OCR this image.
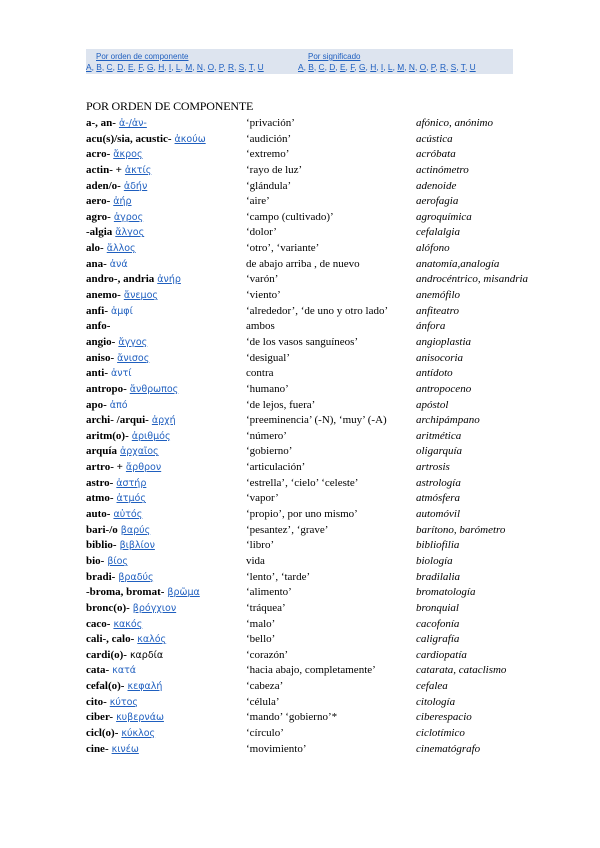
Por orden de componente
A, B, C, D, E, F, G, H, I, L, M, N, O, P, R, S, T, U
Por significado
A, B, C, D, E, F, G, H, I, L, M, N, O, P, R, S, T, U
POR ORDEN DE COMPONENTE
a-, an- ἀ-/ἀν-	‘privación’	afónico, anónimo
acu(s)/sia, acustic- ἀκούω	‘audición’	acústica
acro- ἄκρος	‘extremo’	acróbata
actin- + ἀκτίς	‘rayo de luz’	actinómetro
aden/o- ἀδήν	‘glándula’	adenoide
aero- ἀήρ	‘aire’	aerofagia
agro- ἀγρος	‘campo (cultivado)’	agroquímica
-algia ἄλγος	‘dolor’	cefalalgia
alo- ἄλλος	‘otro’, ‘variante’	alófono
ana- ἀνά	de abajo arriba , de nuevo	anatomía,analogía
andro-, andria ἀνήρ	‘varón’	androcéntrico, misandria
anemo- ἄνεμος	‘viento’	anemófilo
anfi- ἀμφί	‘alrededor’, ‘de uno y otro lado’	anfiteatro
anfo-	ambos	ánfora
angio- ἄγγος	‘de los vasos sanguíneos’	angioplastia
aniso- ἄνισος	‘desigual’	anisocoria
anti- ἀντί	contra	antídoto
antropo- ἄνθρωπος	‘humano’	antropoceno
apo- ἀπό	‘de lejos, fuera’	apóstol
archi- /arqui- ἀρχή	‘preeminencia’ (-N), ‘muy’ (-A)	archipámpano
aritm(o)- ἀριθμός	‘número’	aritmética
arquía ἀρχαῖος	‘gobierno’	oligarquía
artro- + ἄρθρον	‘articulación’	artrosis
astro- ἀστήρ	‘estrella’, ‘cielo’ ‘celeste’	astrología
atmo- ἀτμός	‘vapor’	atmósfera
auto- αὐτός	‘propio’, por uno mismo’	automóvil
bari-/o βαρύς	‘pesantez’, ‘grave’	barítono, barómetro
biblio- βιβλίον	‘libro’	bibliofilia
bio- βίος	vida	biología
bradi- βραδύς	‘lento’, ‘tarde’	bradilalia
-broma, bromat- βρῶμα	‘alimento’	bromatología
bronc(o)- βρόγχιον	‘tráquea’	bronquial
caco- κακός	‘malo’	cacofonía
cali-, calo- καλός	‘bello’	caligrafía
cardi(o)- καρδία	‘corazón’	cardiopatía
cata- κατά	‘hacia abajo, completamente’	catarata, cataclismo
cefal(o)- κεφαλή	‘cabeza’	cefalea
cito- κύτος	‘célula’	citología
ciber- κυβερνάω	‘mando’ ‘gobierno’*	ciberespacio
cicl(o)- κύκλος	‘círculo’	ciclotímico
cine- κινέω	‘movimiento’	cinematógrafo
